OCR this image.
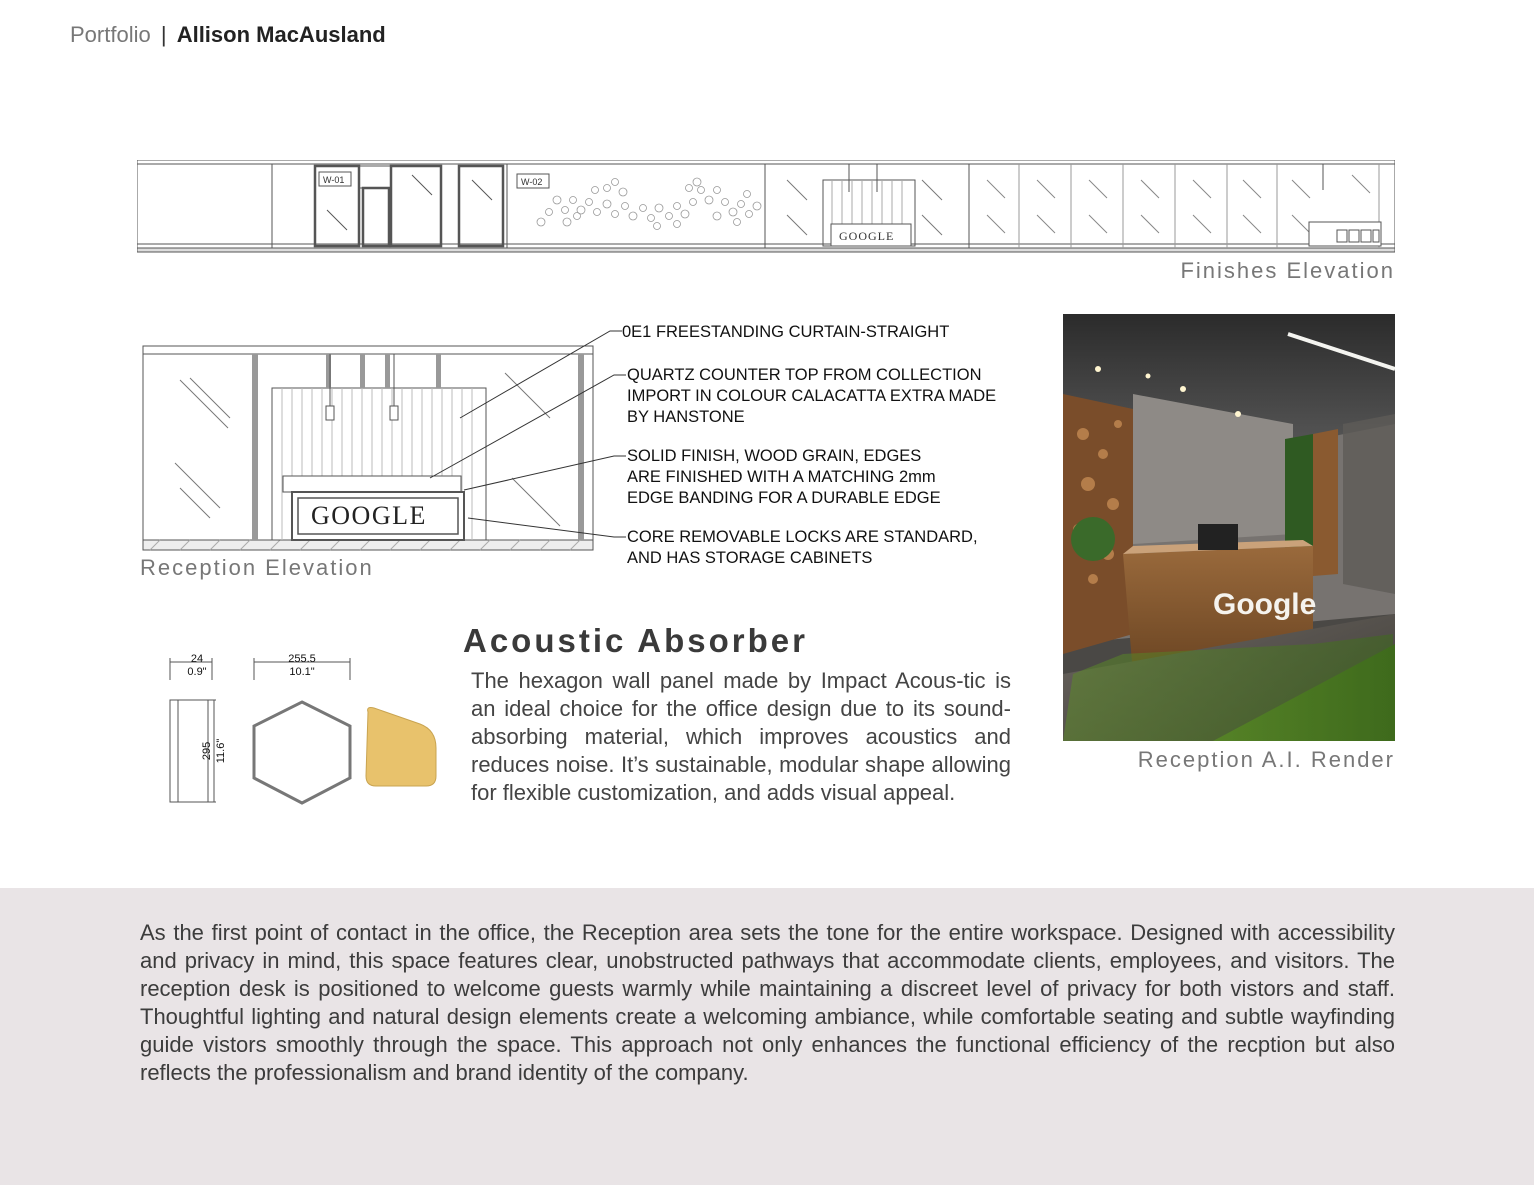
Portfolio | Allison MacAusland
W-01	W-02
GOOGLE
Finishes Elevation
GOOGLE
0E1 FREESTANDING CURTAIN-STRAIGHT
QUARTZ COUNTER TOP FROM COLLECTION
IMPORT IN COLOUR CALACATTA EXTRA MADE
BY HANSTONE
SOLID FINISH, WOOD GRAIN, EDGES
ARE FINISHED WITH A MATCHING 2mm
EDGE BANDING FOR A DURABLE EDGE
CORE REMOVABLE LOCKS ARE STANDARD,
AND HAS STORAGE CABINETS
Reception Elevation
Google
Reception A.I. Render
24
0.9"
255.5
10.1"
295 11.6"
Acoustic Absorber

The hexagon wall panel made by Impact Acous-tic is an ideal choice for the office design due to its sound-absorbing material, which improves acoustics and reduces noise. It’s sustainable, modular shape allowing for flexible customization, and adds visual appeal.

As the first point of contact in the office, the Reception area sets the tone for the entire workspace. Designed with accessibility and privacy in mind, this space features clear, unobstructed pathways that accommodate clients, employees, and visitors. The reception desk is positioned to welcome guests warmly while maintaining a discreet level of privacy for both vistors and staff. Thoughtful lighting and natural design elements create a welcoming ambiance, while comfortable seating and subtle wayfinding guide vistors smoothly through the space. This approach not only enhances the functional efficiency of the recption but also reflects the professionalism and brand identity of the company.
